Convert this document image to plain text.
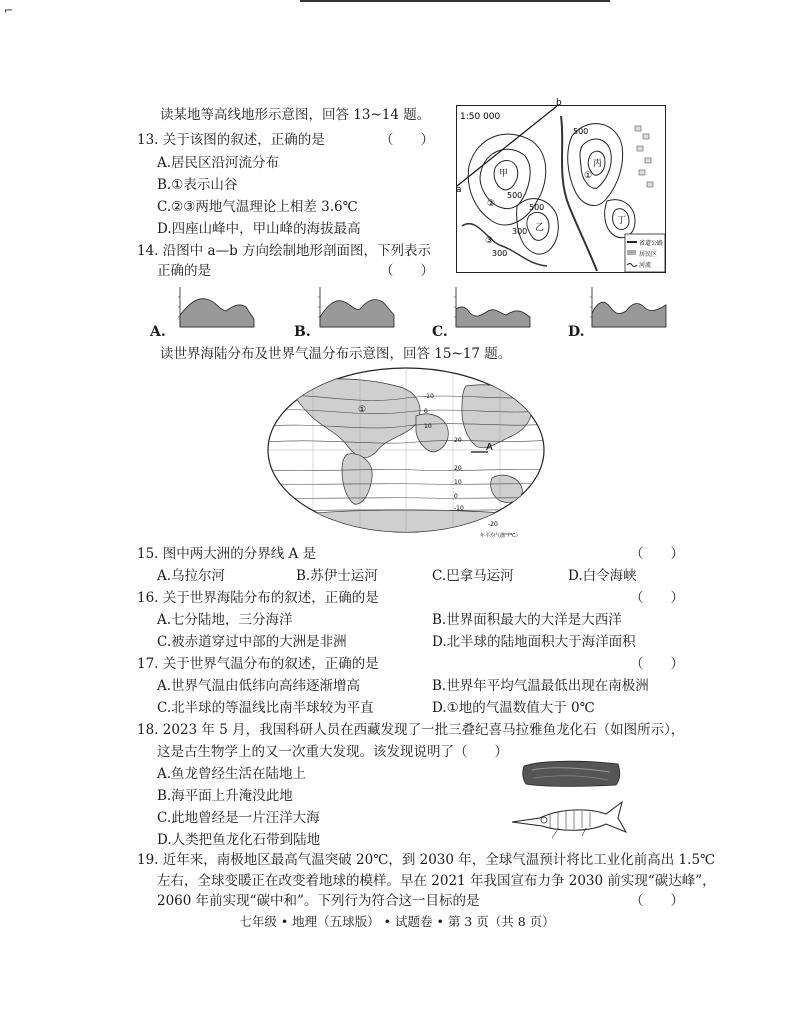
⌐
读某地等高线地形示意图，回答 13~14 题。
13. 关于该图的叙述，正确的是	（　　）
A.居民区沿河流分布
B.①表示山谷
C.②③两地气温理论上相差 3.6℃
D.四座山峰中，甲山峰的海拔最高
14. 沿图中 a—b 方向绘制地形剖面图，下列表示
正确的是	（　　）
1:50 000
a
b
500
300
300
500
500
甲
乙
丙
丁
①
②
③	省道公路
居民区
河流
A.	B.	C.	D.
读世界海陆分布及世界气温分布示意图，回答 15~17 题。
A
①
-10
0
10
20
20
10
0
-10
-20
年平均气温（℃）
15. 图中两大洲的分界线 A 是	（　　）
A.乌拉尔河	B.苏伊士运河	C.巴拿马运河	D.白令海峡
16. 关于世界海陆分布的叙述，正确的是	（　　）
A.七分陆地，三分海洋	B.世界面积最大的大洋是大西洋
C.被赤道穿过中部的大洲是非洲	D.北半球的陆地面积大于海洋面积
17. 关于世界气温分布的叙述，正确的是	（　　）
A.世界气温由低纬向高纬逐渐增高	B.世界年平均气温最低出现在南极洲
C.北半球的等温线比南半球较为平直	D.①地的气温数值大于 0℃
18. 2023 年 5 月，我国科研人员在西藏发现了一批三叠纪喜马拉雅鱼龙化石（如图所示），
这是古生物学上的又一次重大发现。该发现说明了（　　）
A.鱼龙曾经生活在陆地上
B.海平面上升淹没此地
C.此地曾经是一片汪洋大海
D.人类把鱼龙化石带到陆地
19. 近年来，南极地区最高气温突破 20℃，到 2030 年，全球气温预计将比工业化前高出 1.5℃
左右，全球变暖正在改变着地球的模样。早在 2021 年我国宣布力争 2030 前实现“碳达峰”，
2060 年前实现“碳中和”。下列行为符合这一目标的是	（　　）
七年级 • 地理（五球版） • 试题卷 • 第 3 页（共 8 页）
